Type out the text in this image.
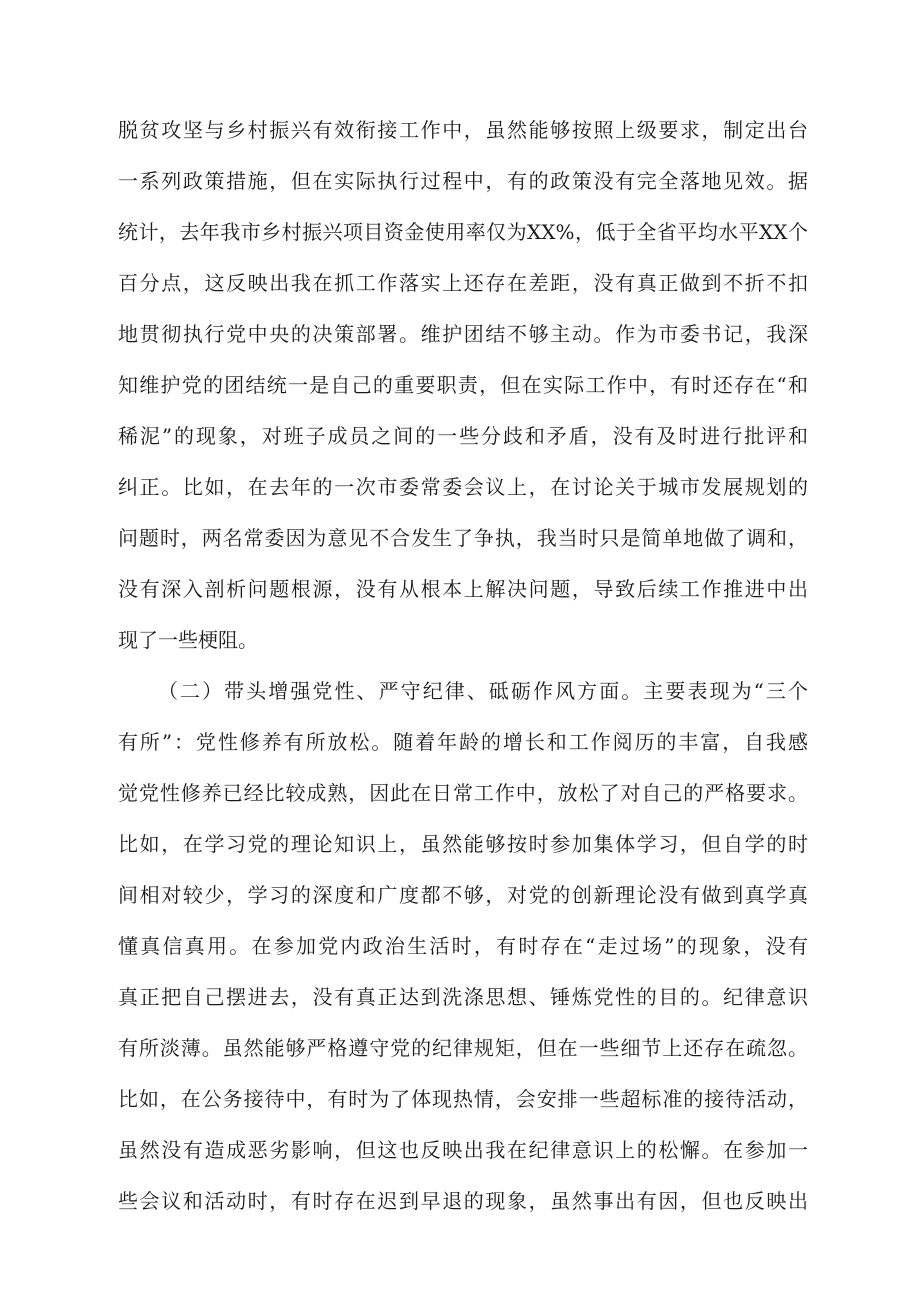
脱贫攻坚与乡村振兴有效衔接工作中，虽然能够按照上级要求，制定出台
一系列政策措施，但在实际执行过程中，有的政策没有完全落地见效。据
统计，去年我市乡村振兴项目资金使用率仅为XX%，低于全省平均水平XX个
百分点，这反映出我在抓工作落实上还存在差距，没有真正做到不折不扣
地贯彻执行党中央的决策部署。维护团结不够主动。作为市委书记，我深
知维护党的团结统一是自己的重要职责，但在实际工作中，有时还存在“和
稀泥”的现象，对班子成员之间的一些分歧和矛盾，没有及时进行批评和
纠正。比如，在去年的一次市委常委会议上，在讨论关于城市发展规划的
问题时，两名常委因为意见不合发生了争执，我当时只是简单地做了调和，
没有深入剖析问题根源，没有从根本上解决问题，导致后续工作推进中出
现了一些梗阻。
（二）带头增强党性、严守纪律、砥砺作风方面。主要表现为“三个
有所”：党性修养有所放松。随着年龄的增长和工作阅历的丰富，自我感
觉党性修养已经比较成熟，因此在日常工作中，放松了对自己的严格要求。
比如，在学习党的理论知识上，虽然能够按时参加集体学习，但自学的时
间相对较少，学习的深度和广度都不够，对党的创新理论没有做到真学真
懂真信真用。在参加党内政治生活时，有时存在“走过场”的现象，没有
真正把自己摆进去，没有真正达到洗涤思想、锤炼党性的目的。纪律意识
有所淡薄。虽然能够严格遵守党的纪律规矩，但在一些细节上还存在疏忽。
比如，在公务接待中，有时为了体现热情，会安排一些超标准的接待活动，
虽然没有造成恶劣影响，但这也反映出我在纪律意识上的松懈。在参加一
些会议和活动时，有时存在迟到早退的现象，虽然事出有因，但也反映出
